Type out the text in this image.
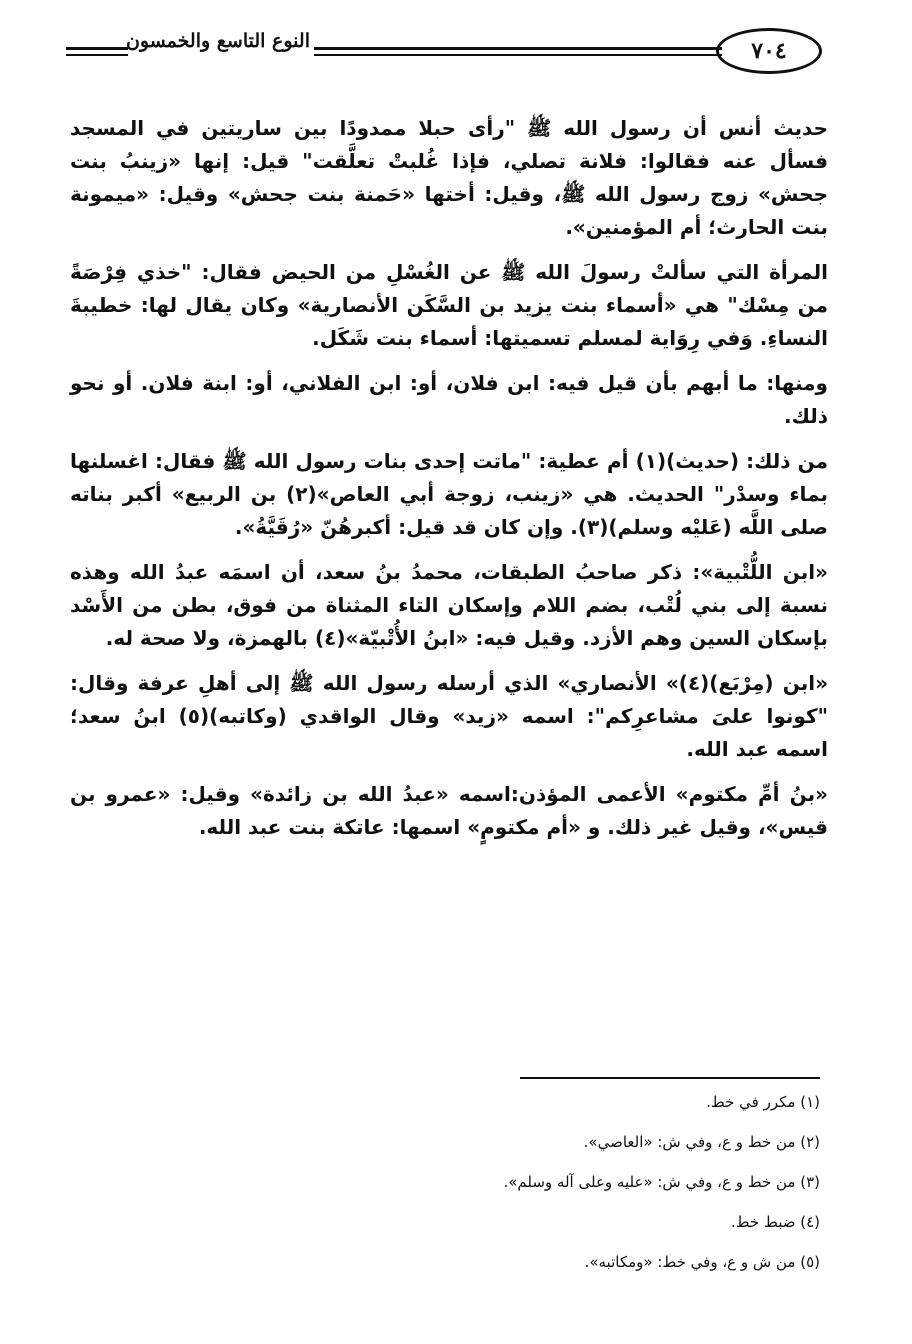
٧٠٤
النوع التاسع والخمسون

حديث أنس أن رسول الله ﷺ "رأى حبلا ممدودًا بين ساريتين في المسجد فسأل عنه فقالوا: فلانة تصلي، فإذا غُلبتْ تعلَّقت" قيل: إنها «زينبُ بنت جحش» زوج رسول الله ﷺ، وقيل: أختها «حَمنة بنت جحش» وقيل: «ميمونة بنت الحارث؛ أم المؤمنين».

المرأة التي سألتْ رسولَ الله ﷺ عن الغُسْلِ من الحيض فقال: "خذي فِرْصَةً من مِسْك" هي «أسماء بنت يزيد بن السَّكَن الأنصارية» وكان يقال لها: خطيبةَ النساءِ. وَفي رِوَاية لمسلم تسميتها: أسماء بنت شَكَل.

ومنها: ما أبهم بأن قيل فيه: ابن فلان، أو: ابن الفلاني، أو: ابنة فلان. أو نحو ذلك.

من ذلك: (حديث)(١) أم عطية: "ماتت إحدى بنات رسول الله ﷺ فقال: اغسلنها بماء وسدْر" الحديث. هي «زينب، زوجة أبي العاص»(٢) بن الربيع» أكبر بناته صلى اللَّه (عَليْه وسلم)(٣). وإن كان قد قيل: أكبرهُنّ «رُقَيَّةُ».

«ابن اللُّتْبية»: ذكر صاحبُ الطبقات، محمدُ بنُ سعد، أن اسمَه عبدُ الله وهذه نسبة إلى بني لُتْب، بضم اللام وإسكان التاء المثناة من فوق، بطن من الأَسْد بإسكان السين وهم الأزد. وقيل فيه: «ابنُ الأُتْبيّة»(٤) بالهمزة، ولا صحة له.

«ابن (مِرْبَع)(٤)» الأنصاري» الذي أرسله رسول الله ﷺ إلى أهلِ عرفة وقال: "كونوا علىَ مشاعرِكم": اسمه «زيد» وقال الواقدي (وكاتبه)(٥) ابنُ سعد؛ اسمه عبد الله.

«بنُ أمِّ مكتوم» الأعمى المؤذن:اسمه «عبدُ الله بن زائدة» وقيل: «عمرو بن قيس»، وقيل غير ذلك. و «أم مكتومٍ» اسمها: عاتكة بنت عبد الله.

(١) مكرر في خط.
(٢) من خط و ع، وفي ش: «العاصي».
(٣) من خط و ع، وفي ش: «عليه وعلى آله وسلم».
(٤) ضبط خط.
(٥) من ش و ع، وفي خط: «ومكاتبه».
